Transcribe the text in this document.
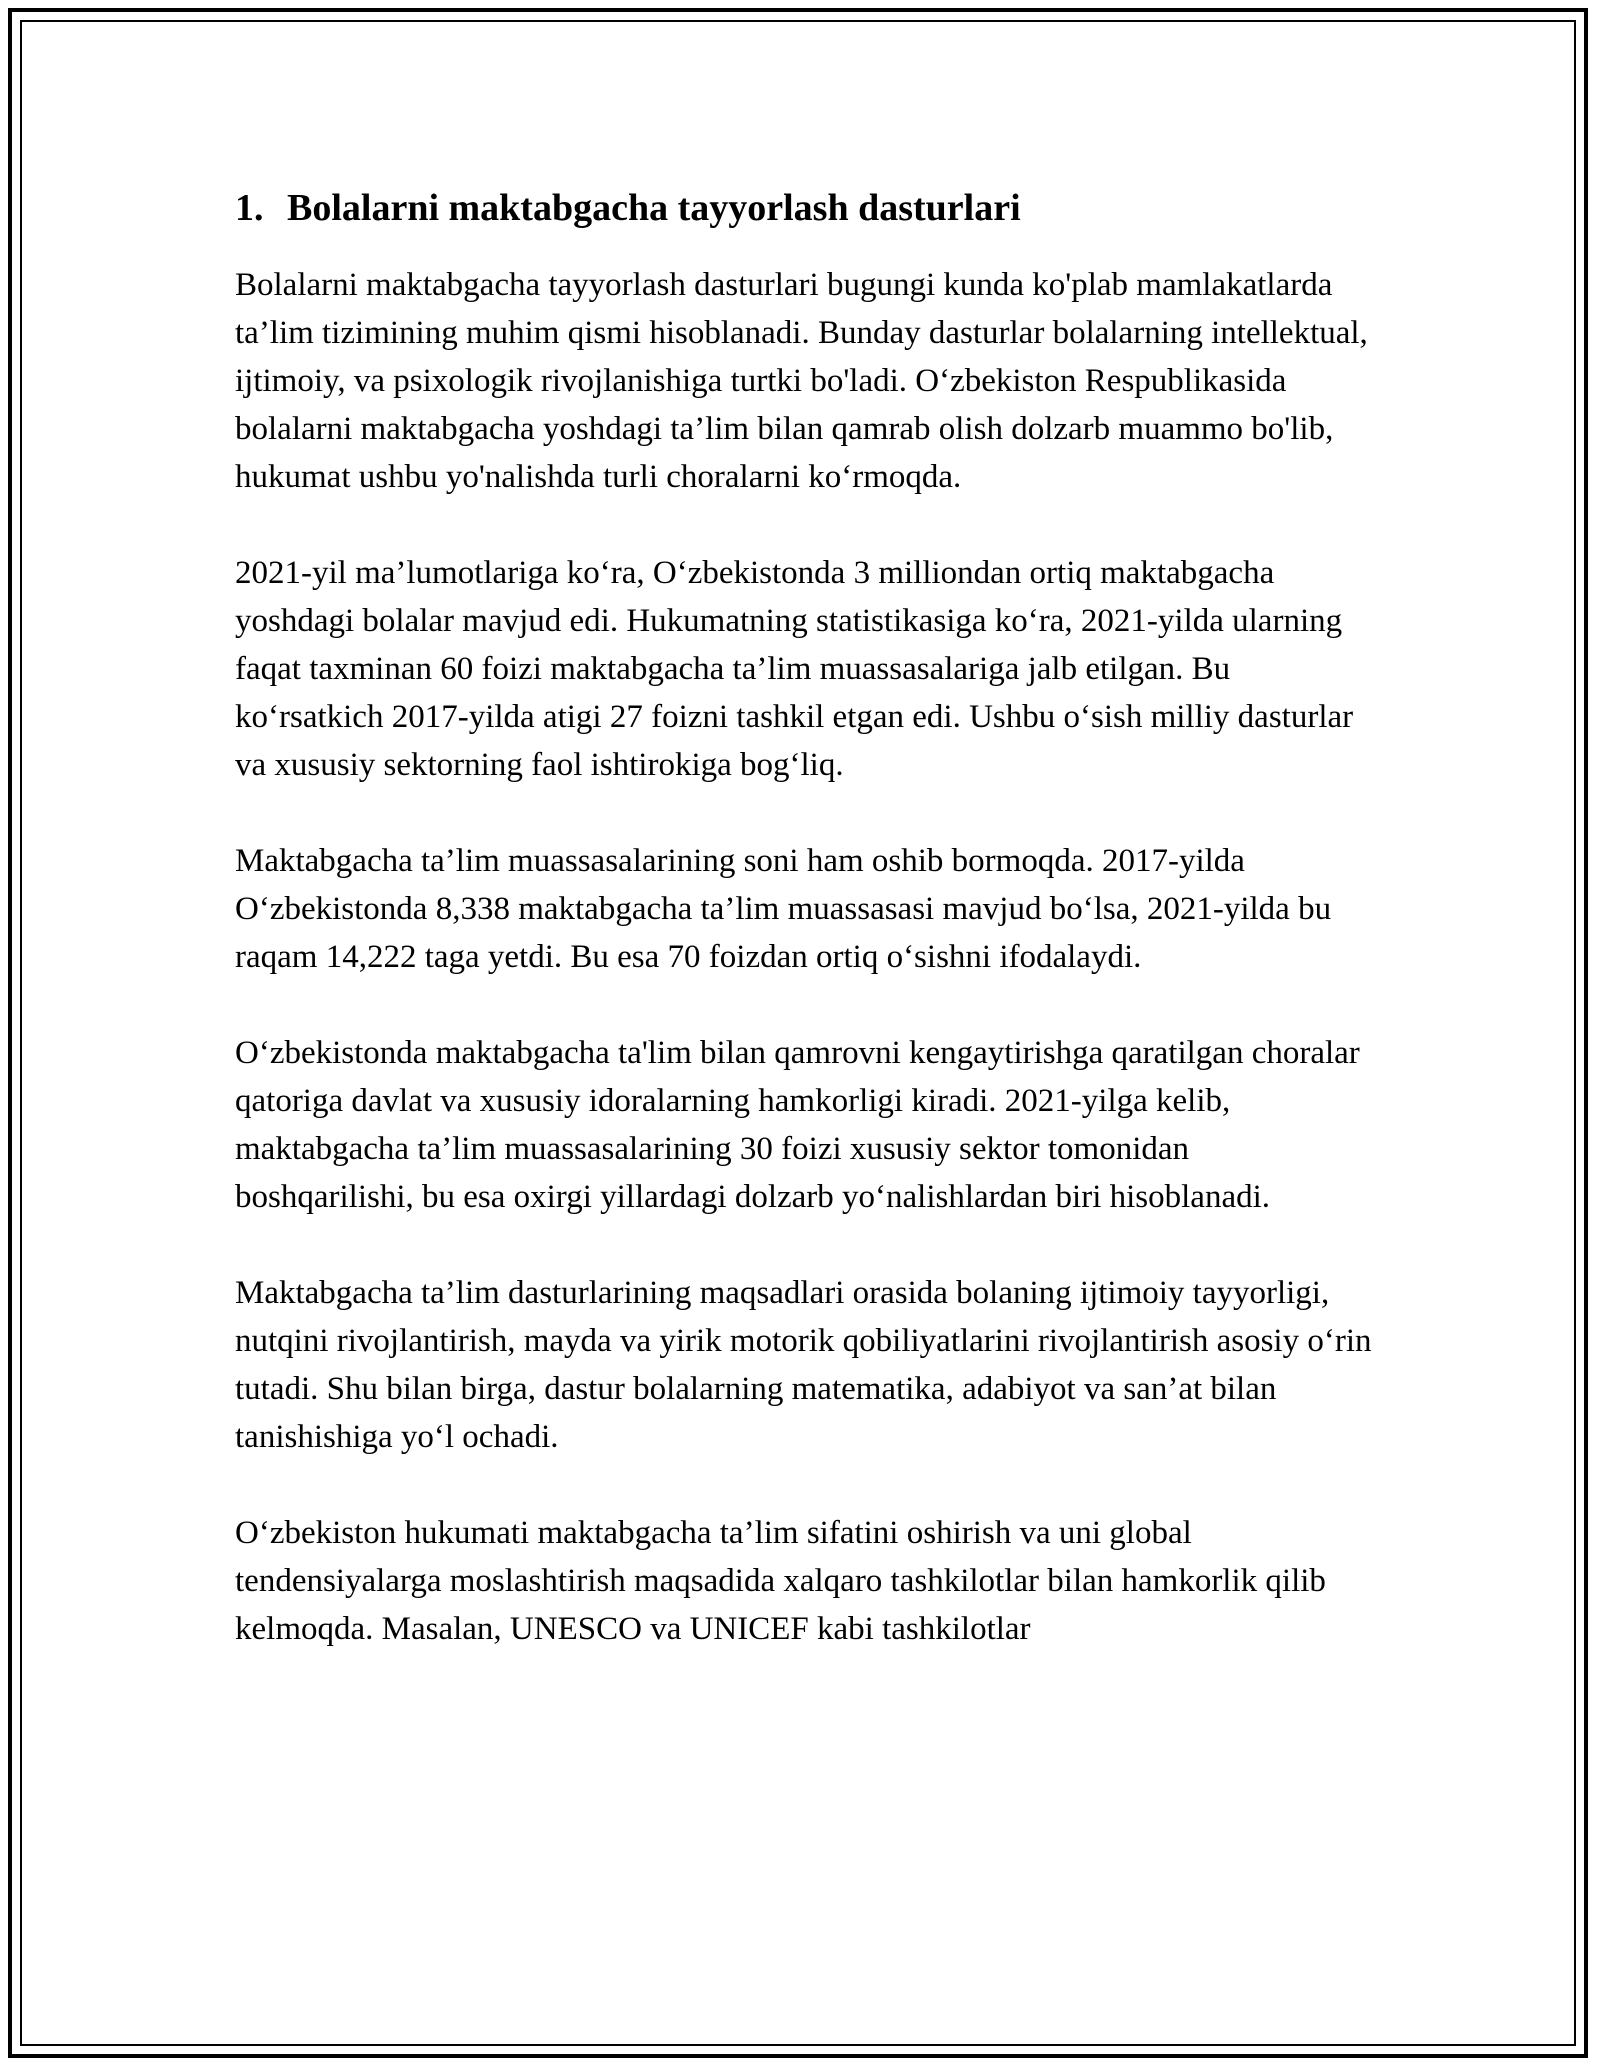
1. Bolalarni maktabgacha tayyorlash dasturlari

Bolalarni maktabgacha tayyorlash dasturlari bugungi kunda ko'plab mamlakatlarda ta’lim tizimining muhim qismi hisoblanadi. Bunday dasturlar bolalarning intellektual, ijtimoiy, va psixologik rivojlanishiga turtki bo'ladi. O‘zbekiston Respublikasida bolalarni maktabgacha yoshdagi ta’lim bilan qamrab olish dolzarb muammo bo'lib, hukumat ushbu yo'nalishda turli choralarni ko‘rmoqda.

2021-yil ma’lumotlariga ko‘ra, O‘zbekistonda 3 milliondan ortiq maktabgacha yoshdagi bolalar mavjud edi. Hukumatning statistikasiga ko‘ra, 2021-yilda ularning faqat taxminan 60 foizi maktabgacha ta’lim muassasalariga jalb etilgan. Bu ko‘rsatkich 2017-yilda atigi 27 foizni tashkil etgan edi. Ushbu o‘sish milliy dasturlar va xususiy sektorning faol ishtirokiga bog‘liq.

Maktabgacha ta’lim muassasalarining soni ham oshib bormoqda. 2017-yilda O‘zbekistonda 8,338 maktabgacha ta’lim muassasasi mavjud bo‘lsa, 2021-yilda bu raqam 14,222 taga yetdi. Bu esa 70 foizdan ortiq o‘sishni ifodalaydi.

O‘zbekistonda maktabgacha ta'lim bilan qamrovni kengaytirishga qaratilgan choralar qatoriga davlat va xususiy idoralarning hamkorligi kiradi. 2021-yilga kelib, maktabgacha ta’lim muassasalarining 30 foizi xususiy sektor tomonidan boshqarilishi, bu esa oxirgi yillardagi dolzarb yo‘nalishlardan biri hisoblanadi.

Maktabgacha ta’lim dasturlarining maqsadlari orasida bolaning ijtimoiy tayyorligi, nutqini rivojlantirish, mayda va yirik motorik qobiliyatlarini rivojlantirish asosiy o‘rin tutadi. Shu bilan birga, dastur bolalarning matematika, adabiyot va san’at bilan tanishishiga yo‘l ochadi.

O‘zbekiston hukumati maktabgacha ta’lim sifatini oshirish va uni global tendensiyalarga moslashtirish maqsadida xalqaro tashkilotlar bilan hamkorlik qilib kelmoqda. Masalan, UNESCO va UNICEF kabi tashkilotlar
